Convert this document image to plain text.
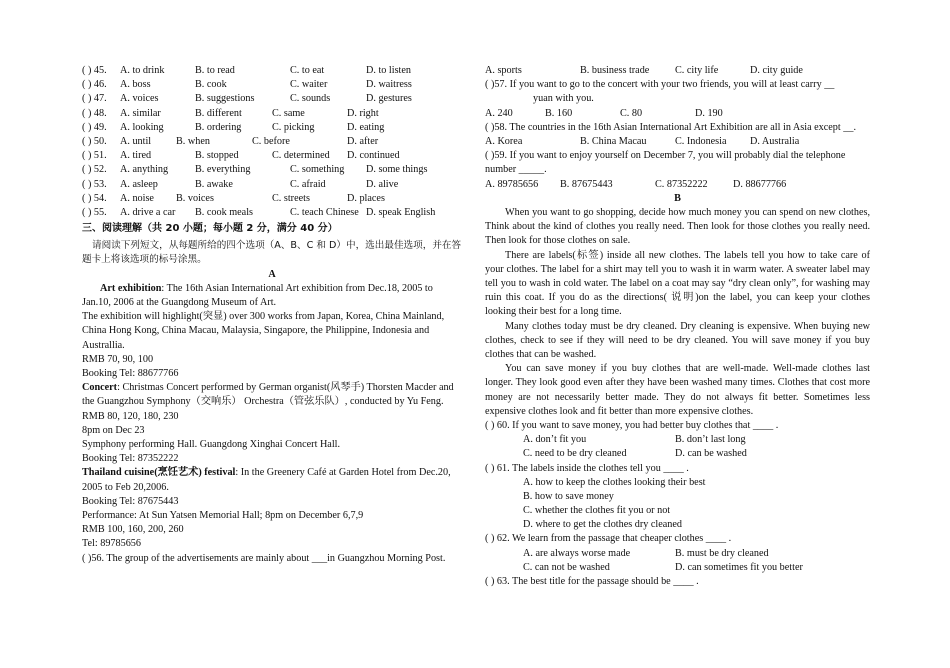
( ) 45. A. to drink	B. to read	C. to eat	D. to listen
( ) 46. A. boss	B. cook	C. waiter	D. waitress
( ) 47. A. voices	B. suggestions	C. sounds	D. gestures
( ) 48. A. similar	B. different	C. same	D. right
( ) 49. A. looking	B. ordering	C. picking	D. eating
( ) 50. A. until B. when	C. before	D. after
( ) 51. A. tired	B. stopped	C. determined D. continued
( ) 52. A. anything	B. everything	C. something D. some things
( ) 53. A. asleep	B. awake	C. afraid	D. alive
( ) 54. A. noise B. voices	C. streets	D. places
( ) 55. A. drive a car B. cook meals	C. teach Chinese D. speak English
三、阅读理解（共 20 小题；每小题 2 分，满分 40 分）
请阅读下列短文，从每题所给的四个选项（A、B、C 和 D）中，选出最佳选项，并在答题卡上将该选项的标号涂黑。
A
Art exhibition: The 16th Asian International Art exhibition from Dec.18, 2005 to Jan.10, 2006 at the Guangdong Museum of Art.
The exhibition will highlight(突显) over 300 works from Japan, Korea, China Mainland, China Hong Kong, China Macau, Malaysia, Singapore, the Philippine, Indonesia and Australlia.
RMB 70, 90, 100
Booking Tel: 88677766
Concert: Christmas Concert performed by German organist(风琴手) Thorsten Macder and the Guangzhou Symphony（交响乐） Orchestra（管弦乐队）, conducted by Yu Feng.
RMB 80, 120, 180, 230
8pm on Dec 23
Symphony performing Hall. Guangdong Xinghai Concert Hall.
Booking Tel: 87352222
Thailand cuisine(烹饪艺术) festival: In the Greenery Café at Garden Hotel from Dec.20, 2005 to Feb 20,2006.
Booking Tel: 87675443
Performance: At Sun Yatsen Memorial Hall; 8pm on December 6,7,9
RMB 100, 160, 200, 260
Tel: 89785656
( )56. The group of the advertisements are mainly about ___in Guangzhou Morning Post.
A. sports	B. business trade	C. city life	D. city guide
( )57. If you want to go to the concert with your two friends, you will at least carry __
yuan with you.
A. 240	B. 160	C. 80	D. 190
( )58. The countries in the 16th Asian International Art Exhibition are all in Asia except __.
A. Korea	B. China Macau	C. Indonesia D. Australia
( )59. If you want to enjoy yourself on December 7, you will probably dial the telephone number _____.
A. 89785656 B. 87675443	C. 87352222 D. 88677766
B
When you want to go shopping, decide how much money you can spend on new clothes, Think about the kind of clothes you really need. Then look for those clothes you really need. Then look for those clothes on sale.
There are labels(标签) inside all new clothes. The labels tell you how to take care of your clothes. The label for a shirt may tell you to wash it in warm water. A sweater label may tell you to wash in cold water. The label on a coat may say “dry clean only”, for washing may ruin this coat. If you do as the directions( 说明)on the label, you can keep your clothes looking their best for a long time.
Many clothes today must be dry cleaned. Dry cleaning is expensive. When buying new clothes, check to see if they will need to be dry cleaned. You will save money if you buy clothes that can be washed.
You can save money if you buy clothes that are well-made. Well-made clothes last longer. They look good even after they have been washed many times. Clothes that cost more money are not necessarily better made. They do not always fit better. Sometimes less expensive clothes look and fit better than more expensive clothes.
( ) 60. If you want to save money, you had better buy clothes that ____ .
A. don’t fit you	B. don’t last long
C. need to be dry cleaned	D. can be washed
( ) 61. The labels inside the clothes tell you ____ .
A. how to keep the clothes looking their best
B. how to save money
C. whether the clothes fit you or not
D. where to get the clothes dry cleaned
( ) 62. We learn from the passage that cheaper clothes ____ .
A. are always worse made	B. must be dry cleaned
C. can not be washed	D. can sometimes fit you better
( ) 63. The best title for the passage should be ____ .
